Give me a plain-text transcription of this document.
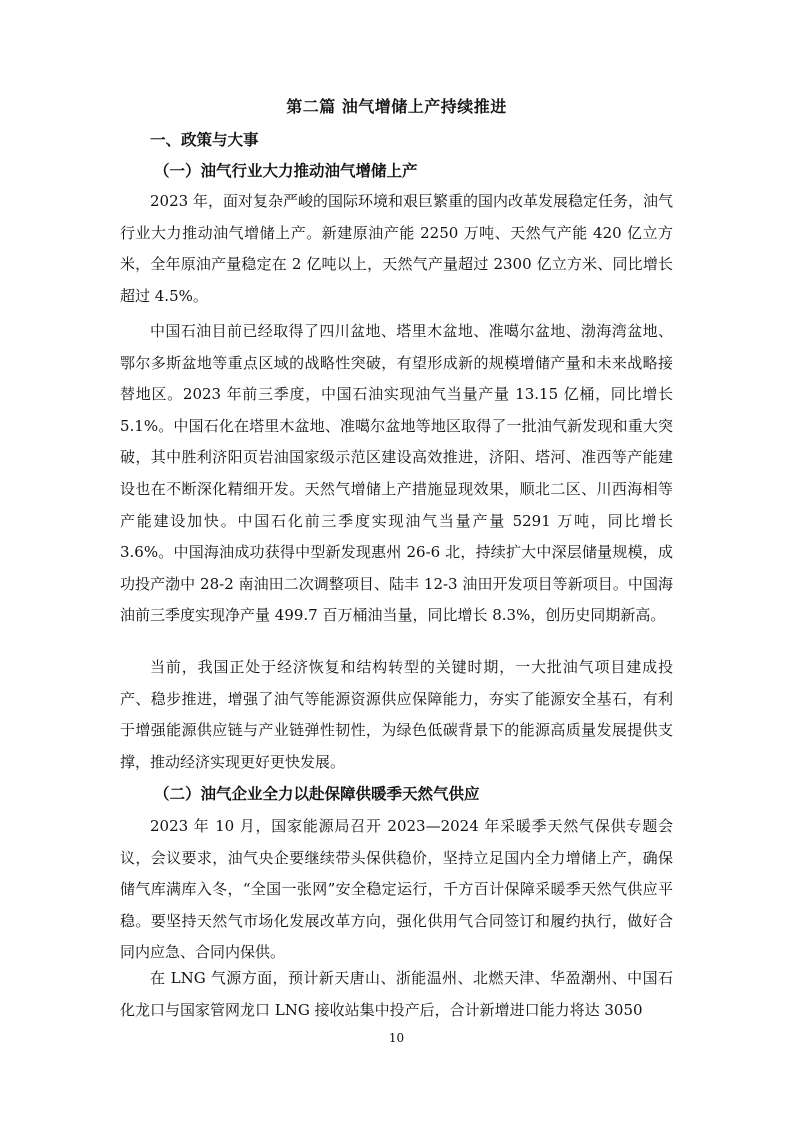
第二篇 油气增储上产持续推进
一、政策与大事
（一）油气行业大力推动油气增储上产

2023 年，面对复杂严峻的国际环境和艰巨繁重的国内改革发展稳定任务，油气行业大力推动油气增储上产。新建原油产能 2250 万吨、天然气产能 420 亿立方米，全年原油产量稳定在 2 亿吨以上，天然气产量超过 2300 亿立方米、同比增长超过 4.5%。

中国石油目前已经取得了四川盆地、塔里木盆地、准噶尔盆地、渤海湾盆地、鄂尔多斯盆地等重点区域的战略性突破，有望形成新的规模增储产量和未来战略接替地区。2023 年前三季度，中国石油实现油气当量产量 13.15 亿桶，同比增长 5.1%。中国石化在塔里木盆地、准噶尔盆地等地区取得了一批油气新发现和重大突破，其中胜利济阳页岩油国家级示范区建设高效推进，济阳、塔河、准西等产能建设也在不断深化精细开发。天然气增储上产措施显现效果，顺北二区、川西海相等产能建设加快。中国石化前三季度实现油气当量产量 5291 万吨，同比增长 3.6%。中国海油成功获得中型新发现惠州 26-6 北，持续扩大中深层储量规模，成功投产渤中 28-2 南油田二次调整项目、陆丰 12-3 油田开发项目等新项目。中国海油前三季度实现净产量 499.7 百万桶油当量，同比增长 8.3%，创历史同期新高。

当前，我国正处于经济恢复和结构转型的关键时期，一大批油气项目建成投产、稳步推进，增强了油气等能源资源供应保障能力，夯实了能源安全基石，有利于增强能源供应链与产业链弹性韧性，为绿色低碳背景下的能源高质量发展提供支撑，推动经济实现更好更快发展。

（二）油气企业全力以赴保障供暖季天然气供应

2023 年 10 月，国家能源局召开 2023—2024 年采暖季天然气保供专题会议，会议要求，油气央企要继续带头保供稳价，坚持立足国内全力增储上产，确保储气库满库入冬，“全国一张网”安全稳定运行，千方百计保障采暖季天然气供应平稳。要坚持天然气市场化发展改革方向，强化供用气合同签订和履约执行，做好合同内应急、合同内保供。

在 LNG 气源方面，预计新天唐山、浙能温州、北燃天津、华盈潮州、中国石化龙口与国家管网龙口 LNG 接收站集中投产后，合计新增进口能力将达 3050

10
